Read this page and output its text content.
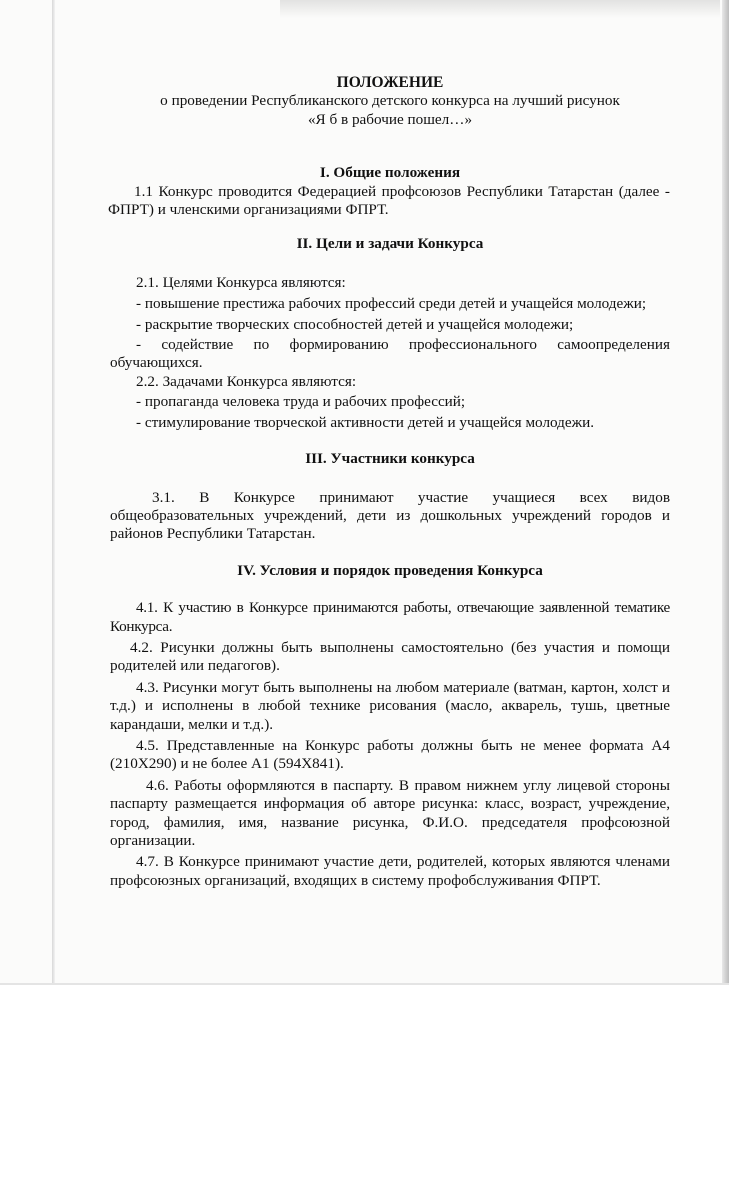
ПОЛОЖЕНИЕ

о проведении Республиканского детского конкурса на лучший рисунок

«Я б в рабочие пошел…»

I. Общие положения

1.1 Конкурс проводится Федерацией профсоюзов Республики Татарстан (далее - ФПРТ) и членскими организациями ФПРТ.

II. Цели и задачи Конкурса

2.1. Целями Конкурса являются:

- повышение престижа рабочих профессий среди детей и учащейся молодежи;

- раскрытие творческих способностей детей и учащейся молодежи;

- содействие по формированию профессионального самоопределения обучающихся.

2.2. Задачами Конкурса являются:

- пропаганда человека труда и рабочих профессий;

- стимулирование творческой активности детей и учащейся молодежи.

III. Участники конкурса

3.1. В Конкурсе принимают участие учащиеся всех видов общеобразовательных учреждений, дети из дошкольных учреждений городов и районов Республики Татарстан.

IV. Условия и порядок проведения Конкурса

4.1. К участию в Конкурсе принимаются работы, отвечающие заявленной тематике Конкурса.

4.2. Рисунки должны быть выполнены самостоятельно (без участия и помощи родителей или педагогов).

4.3. Рисунки могут быть выполнены на любом материале (ватман, картон, холст и т.д.) и исполнены в любой технике рисования (масло, акварель, тушь, цветные карандаши, мелки и т.д.).

4.5. Представленные на Конкурс работы должны быть не менее формата А4 (210Х290) и не более А1 (594Х841).

4.6. Работы оформляются в паспарту. В правом нижнем углу лицевой стороны паспарту размещается информация об авторе рисунка: класс, возраст, учреждение, город, фамилия, имя, название рисунка, Ф.И.О. председателя профсоюзной организации.

4.7. В Конкурсе принимают участие дети, родителей, которых являются членами профсоюзных организаций, входящих в систему профобслуживания ФПРТ.
